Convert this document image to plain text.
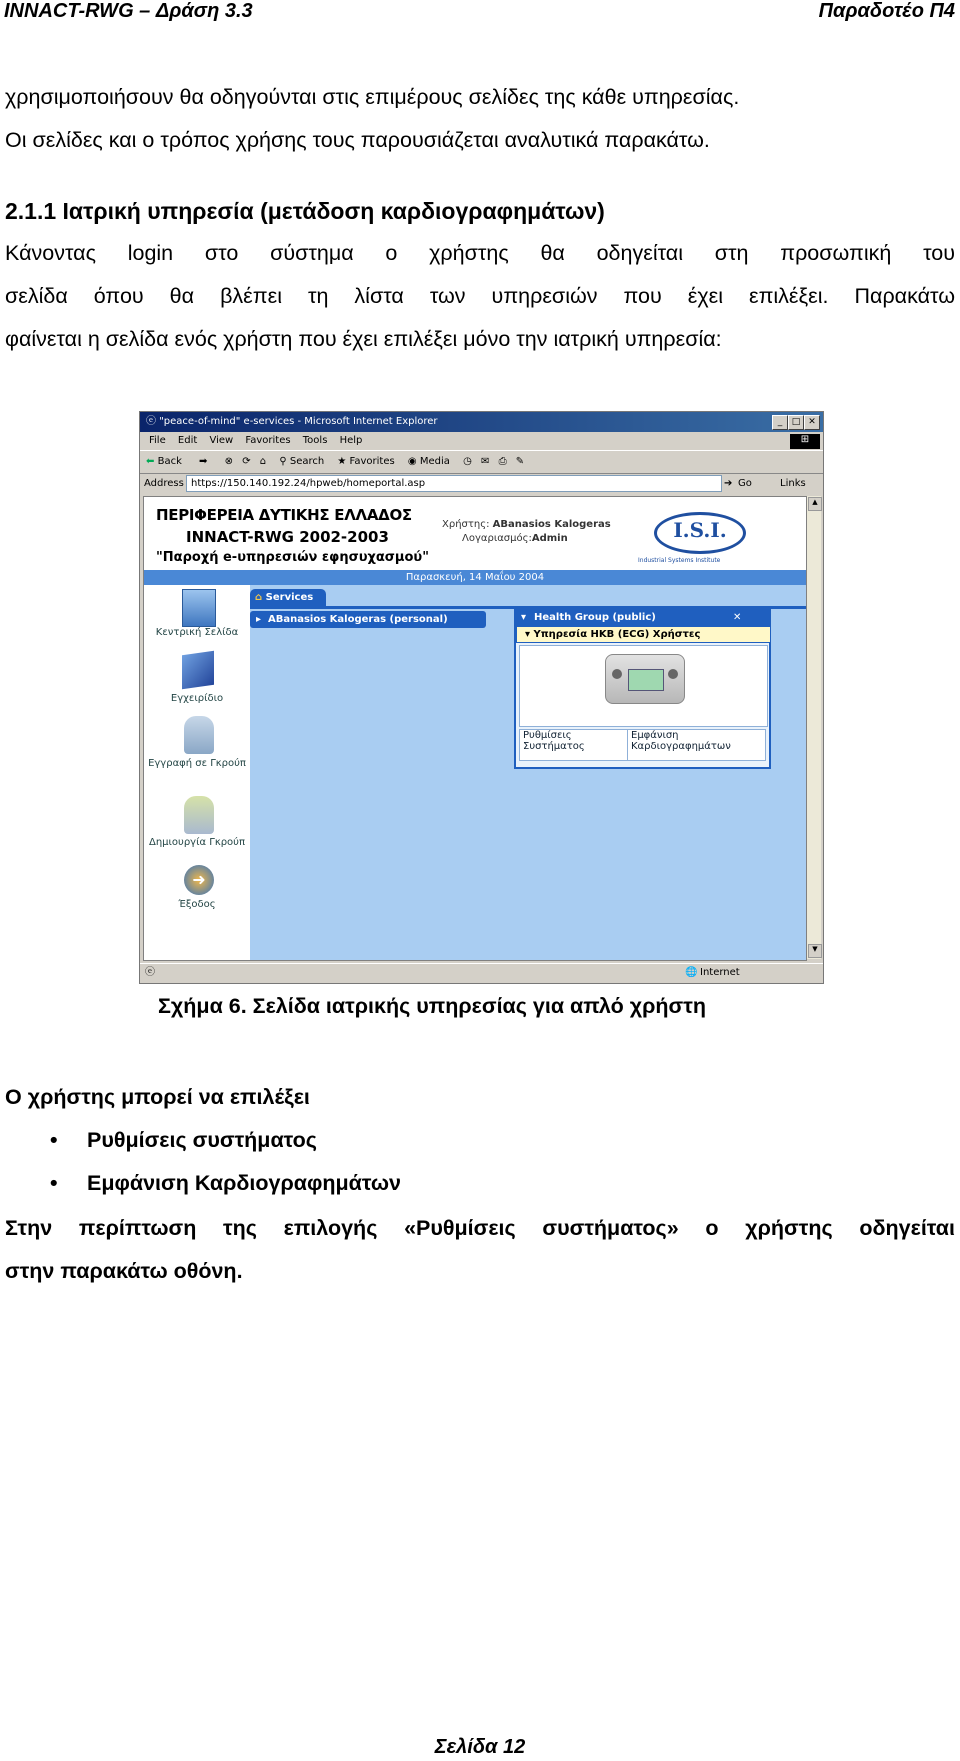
INNACT-RWG – Δράση 3.3	Παραδοτέο Π4
χρησιμοποιήσουν θα οδηγούνται στις επιμέρους σελίδες της κάθε υπηρεσίας.
Οι σελίδες και ο τρόπος χρήσης τους παρουσιάζεται αναλυτικά παρακάτω.
2.1.1 Ιατρική υπηρεσία (μετάδοση καρδιογραφημάτων)
Κάνοντας login στο σύστημα ο χρήστης θα οδηγείται στη προσωπική του
σελίδα όπου θα βλέπει τη λίστα των υπηρεσιών που έχει επιλέξει. Παρακάτω
φαίνεται η σελίδα ενός χρήστη που έχει επιλέξει μόνο την ιατρική υπηρεσία:
ⓔ "peace-of-mind" e-services - Microsoft Internet Explorer	_	□ ✕
File Edit View Favorites Tools Help	⊞
⬅ Back ➡ ⊗ ⟳ ⌂ ⚲ Search ★ Favorites ◉ Media ◷ ✉ ⎙ ✎
Address https://150.140.192.24/hpweb/homeportal.asp	➔ Go	Links
ΠΕΡΙΦΕΡΕΙΑ ΔΥΤΙΚΗΣ ΕΛΛΑΔΟΣ
INNACT-RWG 2002-2003
"Παροχή e-υπηρεσιών εφησυχασμού"
Χρήστης: ABanasios Kalogeras
Λογαριασμός:Admin	I.S.I.
Industrial Systems Institute
Παρασκευή, 14 Μαΐου 2004
Κεντρική Σελίδα
Εγχειρίδιο
Εγγραφή σε Γκρούπ
Δημιουργία Γκρούπ
➜
Έξοδος
⌂ Services
▸ ABanasios Kalogeras (personal)	▾ Health Group (public)	✕
▾ Υπηρεσία ΗΚΒ (ECG) Χρήστες
Ρυθμίσεις Συστήματος
Εμφάνιση Καρδιογραφημάτων
▲
▼
ⓔ	🌐 Internet
Σχήμα 6. Σελίδα ιατρικής υπηρεσίας για απλό χρήστη
Ο χρήστης μπορεί να επιλέξει
• Ρυθμίσεις συστήματος
• Εμφάνιση Καρδιογραφημάτων
Στην περίπτωση της επιλογής «Ρυθμίσεις συστήματος» ο χρήστης οδηγείται
στην παρακάτω οθόνη.
Σελίδα 12
